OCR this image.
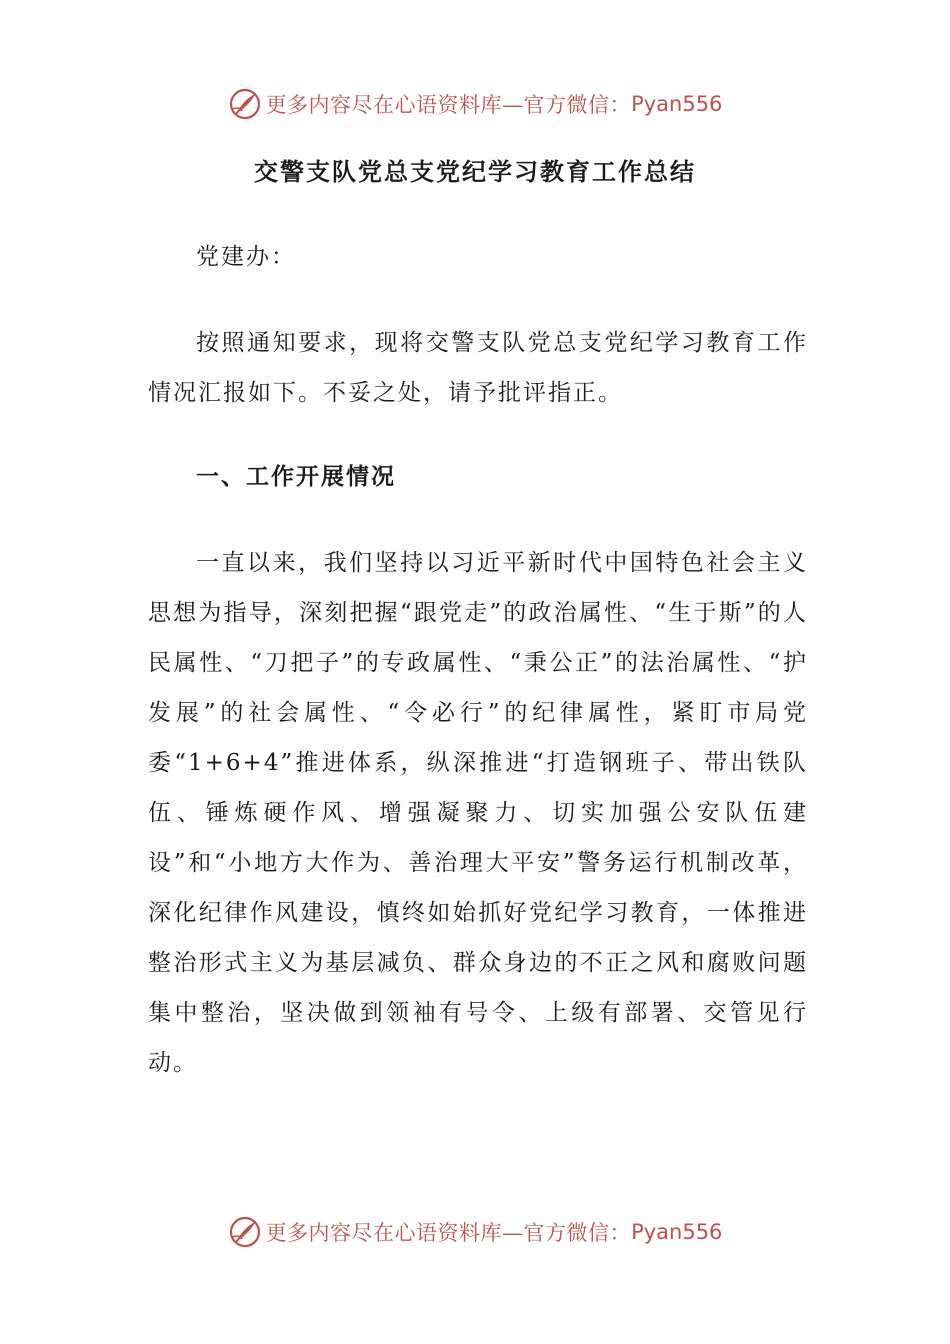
更多内容尽在心语资料库—官方微信： Pyan556
交警支队党总支党纪学习教育工作总结
党建办：

按照通知要求，现将交警支队党总支党纪学习教育工作情况汇报如下。不妥之处，请予批评指正。

一、工作开展情况

一直以来，我们坚持以习近平新时代中国特色社会主义思想为指导，深刻把握“跟党走”的政治属性、“生于斯”的人民属性、“刀把子”的专政属性、“秉公正”的法治属性、“护发展”的社会属性、“令必行”的纪律属性，紧盯市局党委“1+6+4”推进体系，纵深推进“打造钢班子、带出铁队伍、锤炼硬作风、增强凝聚力、切实加强公安队伍建设”和“小地方大作为、善治理大平安”警务运行机制改革，深化纪律作风建设，慎终如始抓好党纪学习教育，一体推进整治形式主义为基层减负、群众身边的不正之风和腐败问题集中整治，坚决做到领袖有号令、上级有部署、交管见行动。

更多内容尽在心语资料库—官方微信： Pyan556
